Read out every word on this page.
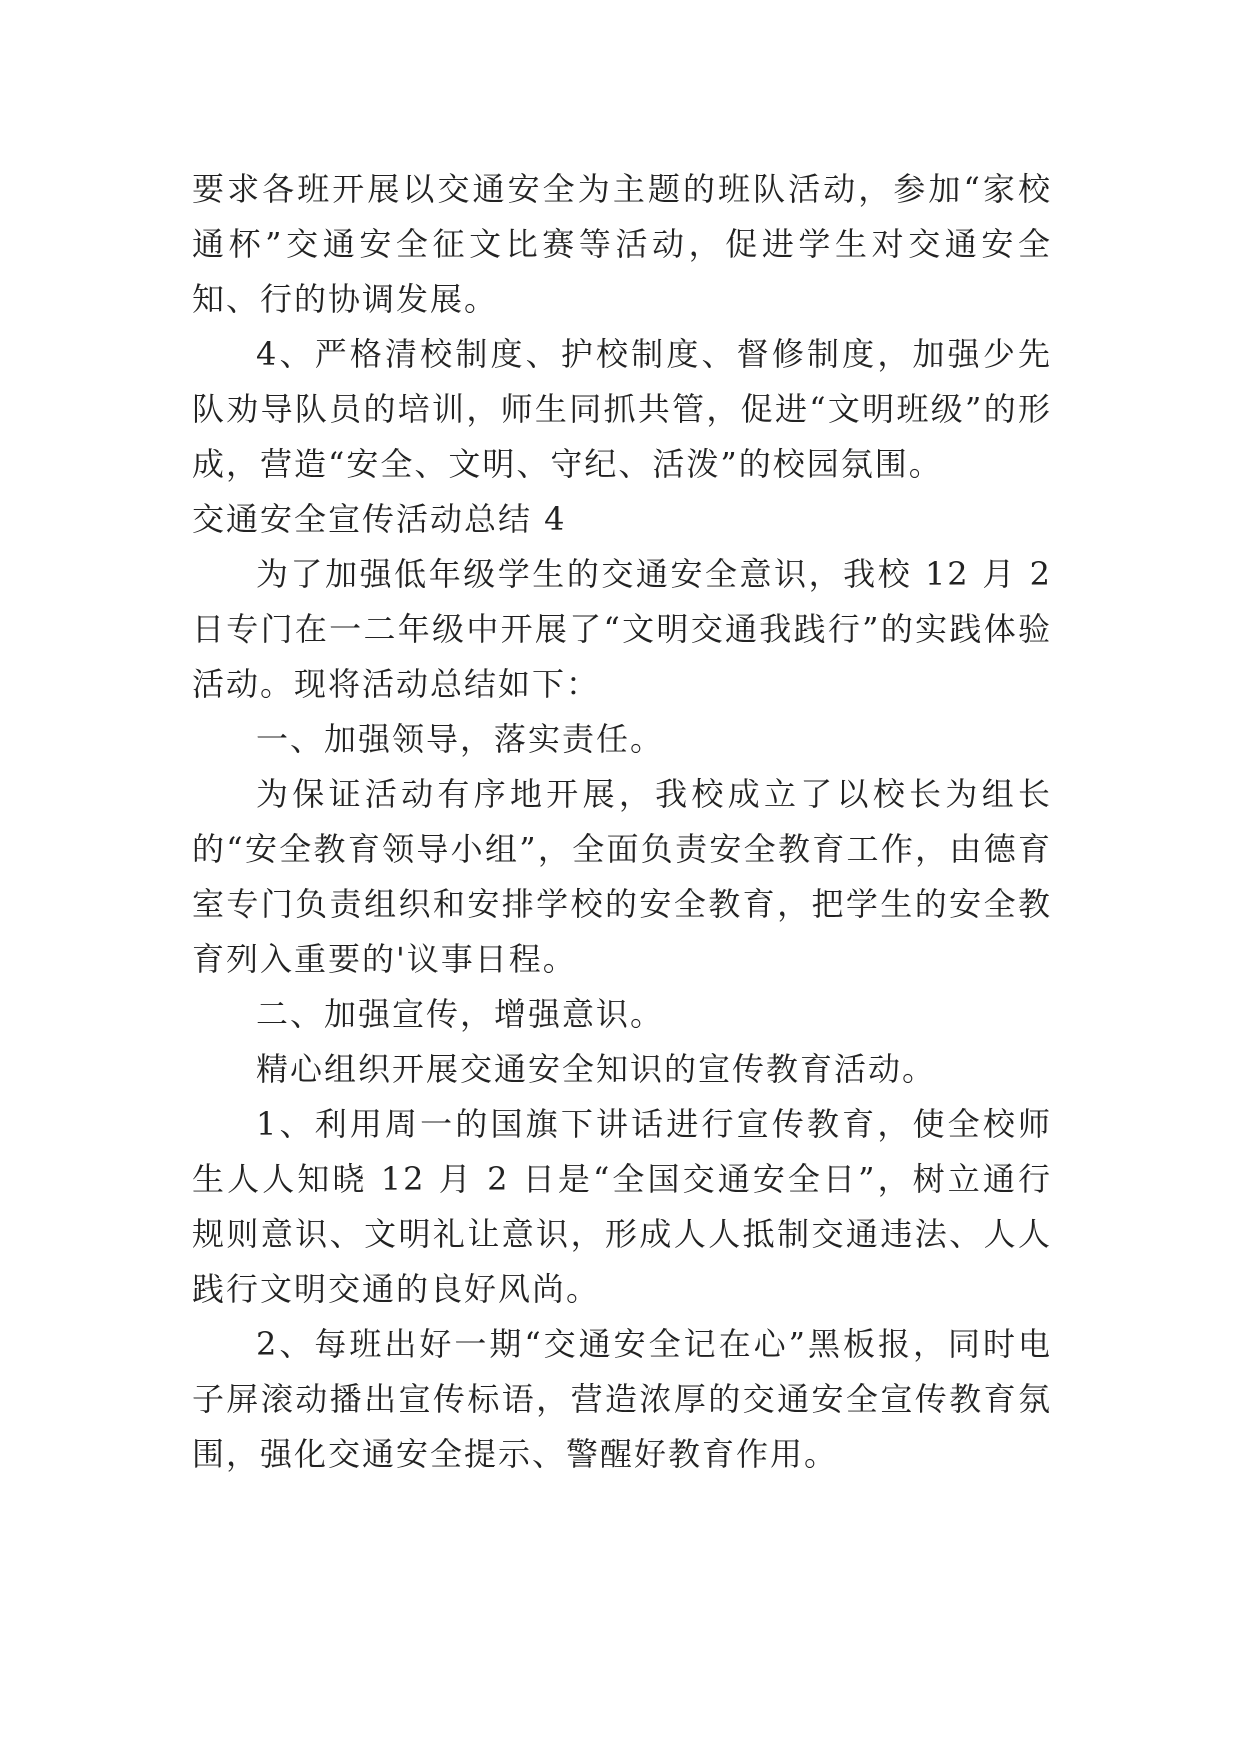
要求各班开展以交通安全为主题的班队活动，参加“家校通杯”交通安全征文比赛等活动，促进学生对交通安全知、行的协调发展。

4、严格清校制度、护校制度、督修制度，加强少先队劝导队员的培训，师生同抓共管，促进“文明班级”的形成，营造“安全、文明、守纪、活泼”的校园氛围。

交通安全宣传活动总结 4

为了加强低年级学生的交通安全意识，我校 12 月 2 日专门在一二年级中开展了“文明交通我践行”的实践体验活动。现将活动总结如下：

一、加强领导，落实责任。

为保证活动有序地开展，我校成立了以校长为组长的“安全教育领导小组”，全面负责安全教育工作，由德育室专门负责组织和安排学校的安全教育，把学生的安全教育列入重要的'议事日程。

二、加强宣传，增强意识。

精心组织开展交通安全知识的宣传教育活动。

1、利用周一的国旗下讲话进行宣传教育，使全校师生人人知晓 12 月 2 日是“全国交通安全日”，树立通行规则意识、文明礼让意识，形成人人抵制交通违法、人人践行文明交通的良好风尚。

2、每班出好一期“交通安全记在心”黑板报，同时电子屏滚动播出宣传标语，营造浓厚的交通安全宣传教育氛围，强化交通安全提示、警醒好教育作用。
